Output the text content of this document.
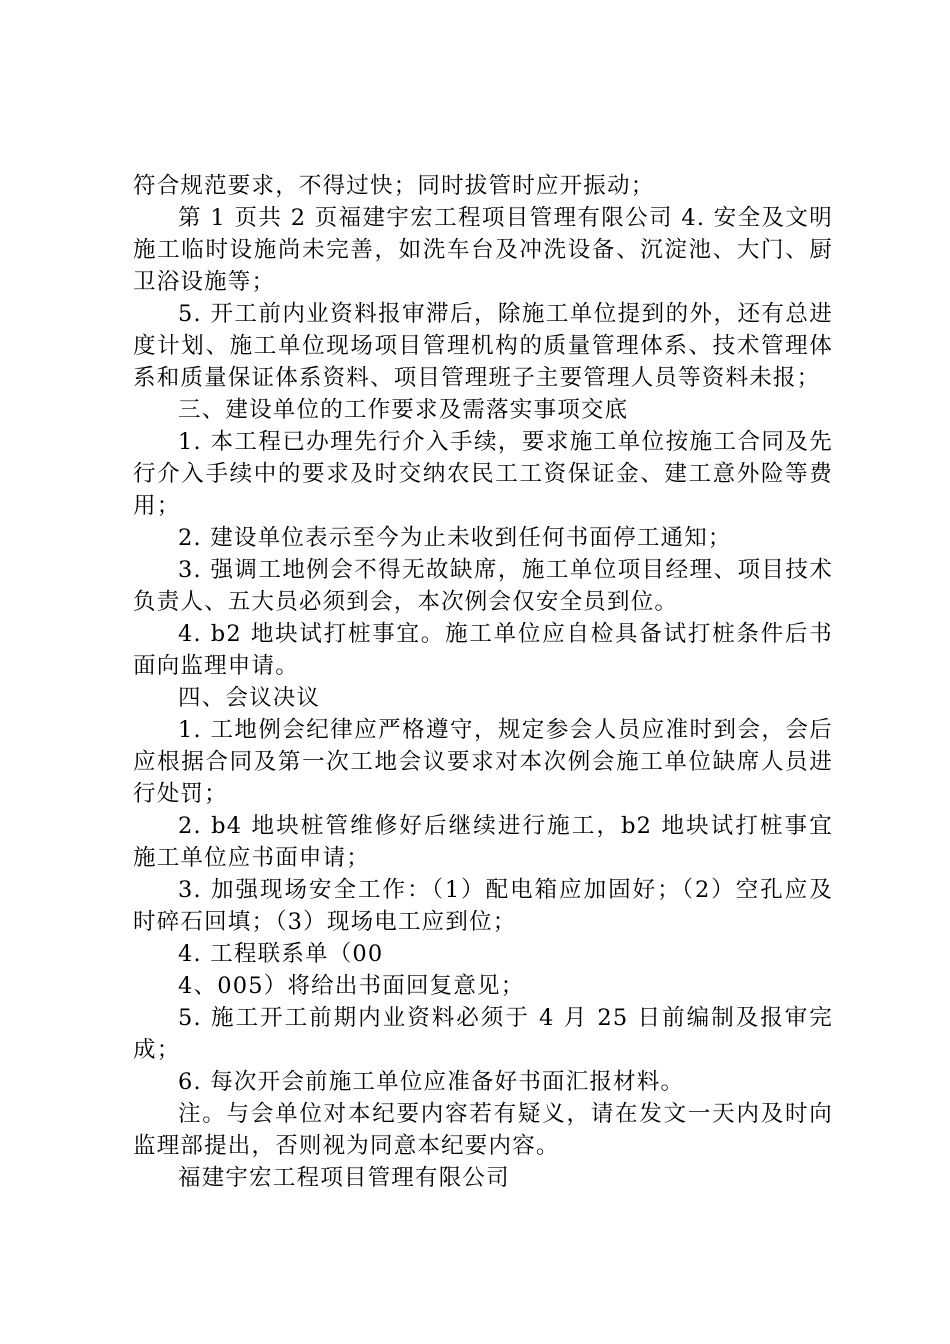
符合规范要求，不得过快；同时拔管时应开振动；

第 1 页共 2 页福建宇宏工程项目管理有限公司 4. 安全及文明施工临时设施尚未完善，如洗车台及冲洗设备、沉淀池、大门、厨卫浴设施等；

5. 开工前内业资料报审滞后，除施工单位提到的外，还有总进度计划、施工单位现场项目管理机构的质量管理体系、技术管理体系和质量保证体系资料、项目管理班子主要管理人员等资料未报；

三、建设单位的工作要求及需落实事项交底

1. 本工程已办理先行介入手续，要求施工单位按施工合同及先行介入手续中的要求及时交纳农民工工资保证金、建工意外险等费用；

2. 建设单位表示至今为止未收到任何书面停工通知；

3. 强调工地例会不得无故缺席，施工单位项目经理、项目技术负责人、五大员必须到会，本次例会仅安全员到位。

4. b2 地块试打桩事宜。施工单位应自检具备试打桩条件后书面向监理申请。

四、会议决议

1. 工地例会纪律应严格遵守，规定参会人员应准时到会，会后应根据合同及第一次工地会议要求对本次例会施工单位缺席人员进行处罚；

2. b4 地块桩管维修好后继续进行施工，b2 地块试打桩事宜施工单位应书面申请；

3. 加强现场安全工作：（1）配电箱应加固好；（2）空孔应及时碎石回填；（3）现场电工应到位；

4. 工程联系单（00

4、005）将给出书面回复意见；

5. 施工开工前期内业资料必须于 4 月 25 日前编制及报审完成；

6. 每次开会前施工单位应准备好书面汇报材料。

注。与会单位对本纪要内容若有疑义，请在发文一天内及时向监理部提出，否则视为同意本纪要内容。

福建宇宏工程项目管理有限公司
